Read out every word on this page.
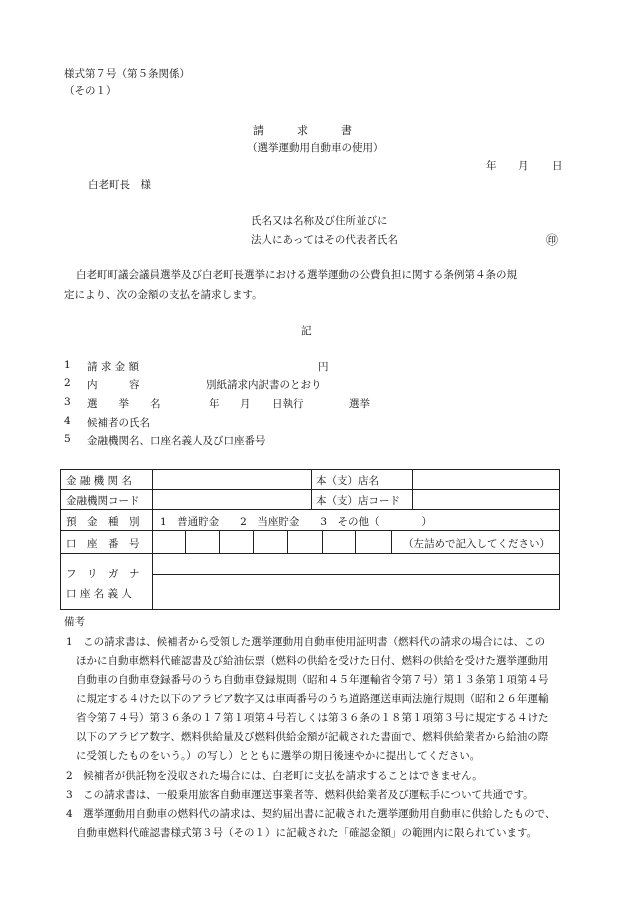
様式第７号（第５条関係）
（その１）
請　　　求　　　書
（選挙運動用自動車の使用）
年 月 日
白老町長　様
氏名又は名称及び住所並びに
法人にあってはその代表者氏名	㊞
白老町町議会議員選挙及び白老町長選挙における選挙運動の公費負担に関する条例第４条の規
定により、次の金額の支払を請求します。
記
1 請 求 金 額	円
2 内　　　容	別紙請求内訳書のとおり
3 選　　挙　　名	年 月 日執行	選挙
4 候補者の氏名
5 金融機関名、口座名義人及び口座番号
金 融 機 関 名	本（支）店名
金融機関コード	本（支）店コード
預　金　種　別 1　普通貯金　　2　当座貯金　　3　その他（　　　　）
口　座　番　号	（左詰めで記入してください）
フ　リ　ガ　ナ
口 座 名 義 人
備考
1　この請求書は、候補者から受領した選挙運動用自動車使用証明書（燃料代の請求の場合には、この
ほかに自動車燃料代確認書及び給油伝票（燃料の供給を受けた日付、燃料の供給を受けた選挙運動用
自動車の自動車登録番号のうち自動車登録規則（昭和４５年運輸省令第７号）第１３条第１項第４号
に規定する４けた以下のアラビア数字又は車両番号のうち道路運送車両法施行規則（昭和２６年運輸
省令第７４号）第３６条の１７第１項第４号若しくは第３６条の１８第１項第３号に規定する４けた
以下のアラビア数字、燃料供給量及び燃料供給金額が記載された書面で、燃料供給業者から給油の際
に受領したものをいう。）の写し）とともに選挙の期日後速やかに提出してください。
2　候補者が供託物を没収された場合には、白老町に支払を請求することはできません。
3　この請求書は、一般乗用旅客自動車運送事業者等、燃料供給業者及び運転手について共通です。
4　選挙運動用自動車の燃料代の請求は、契約届出書に記載された選挙運動用自動車に供給したもので、
自動車燃料代確認書様式第３号（その１）に記載された「確認金額」の範囲内に限られています。
